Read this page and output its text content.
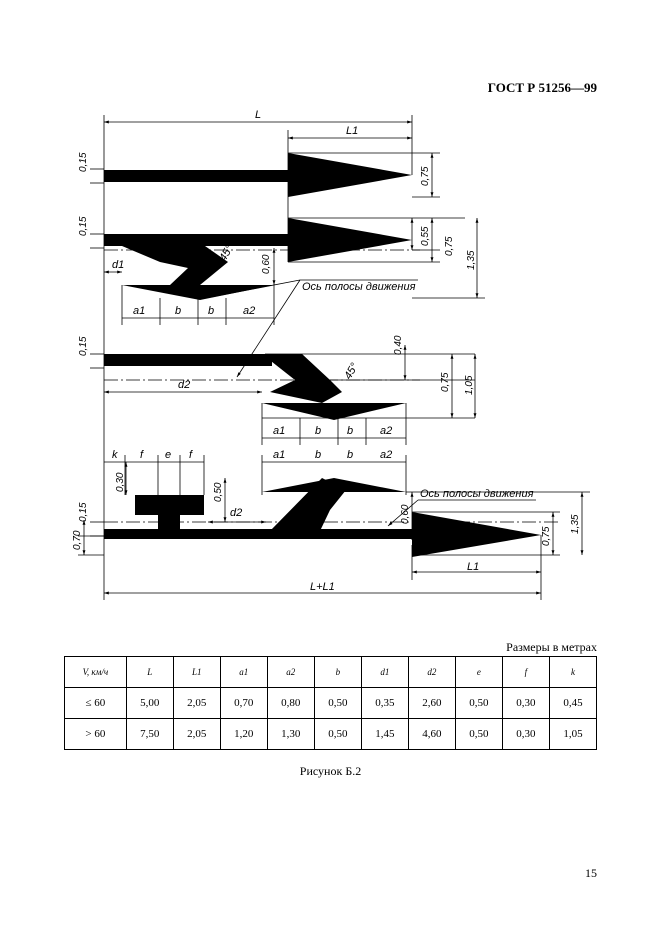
ГОСТ Р 51256—99
L
L1
d1
d2
d2
a1	b b	a2
a1	b b a2
a1	b b a2
k f e f
L1
L+L1
Ось полосы движения
Ось полосы движения
45°
45°
0,15
0,15
0,15
0,15
0,75
0,55
0,75
1,35
0,60
0,40
0,75 1,05
0,30
0,50
0,60
0,75
1,35
0,70
Размеры в метрах
V, км/ч	L	L1	a1	a2	b	d1	d2	e	f	k
≤ 60	5,00	2,05	0,70	0,80	0,50	0,35	2,60	0,50	0,30	0,45
> 60	7,50	2,05	1,20	1,30	0,50	1,45	4,60	0,50	0,30	1,05
Рисунок Б.2
15
